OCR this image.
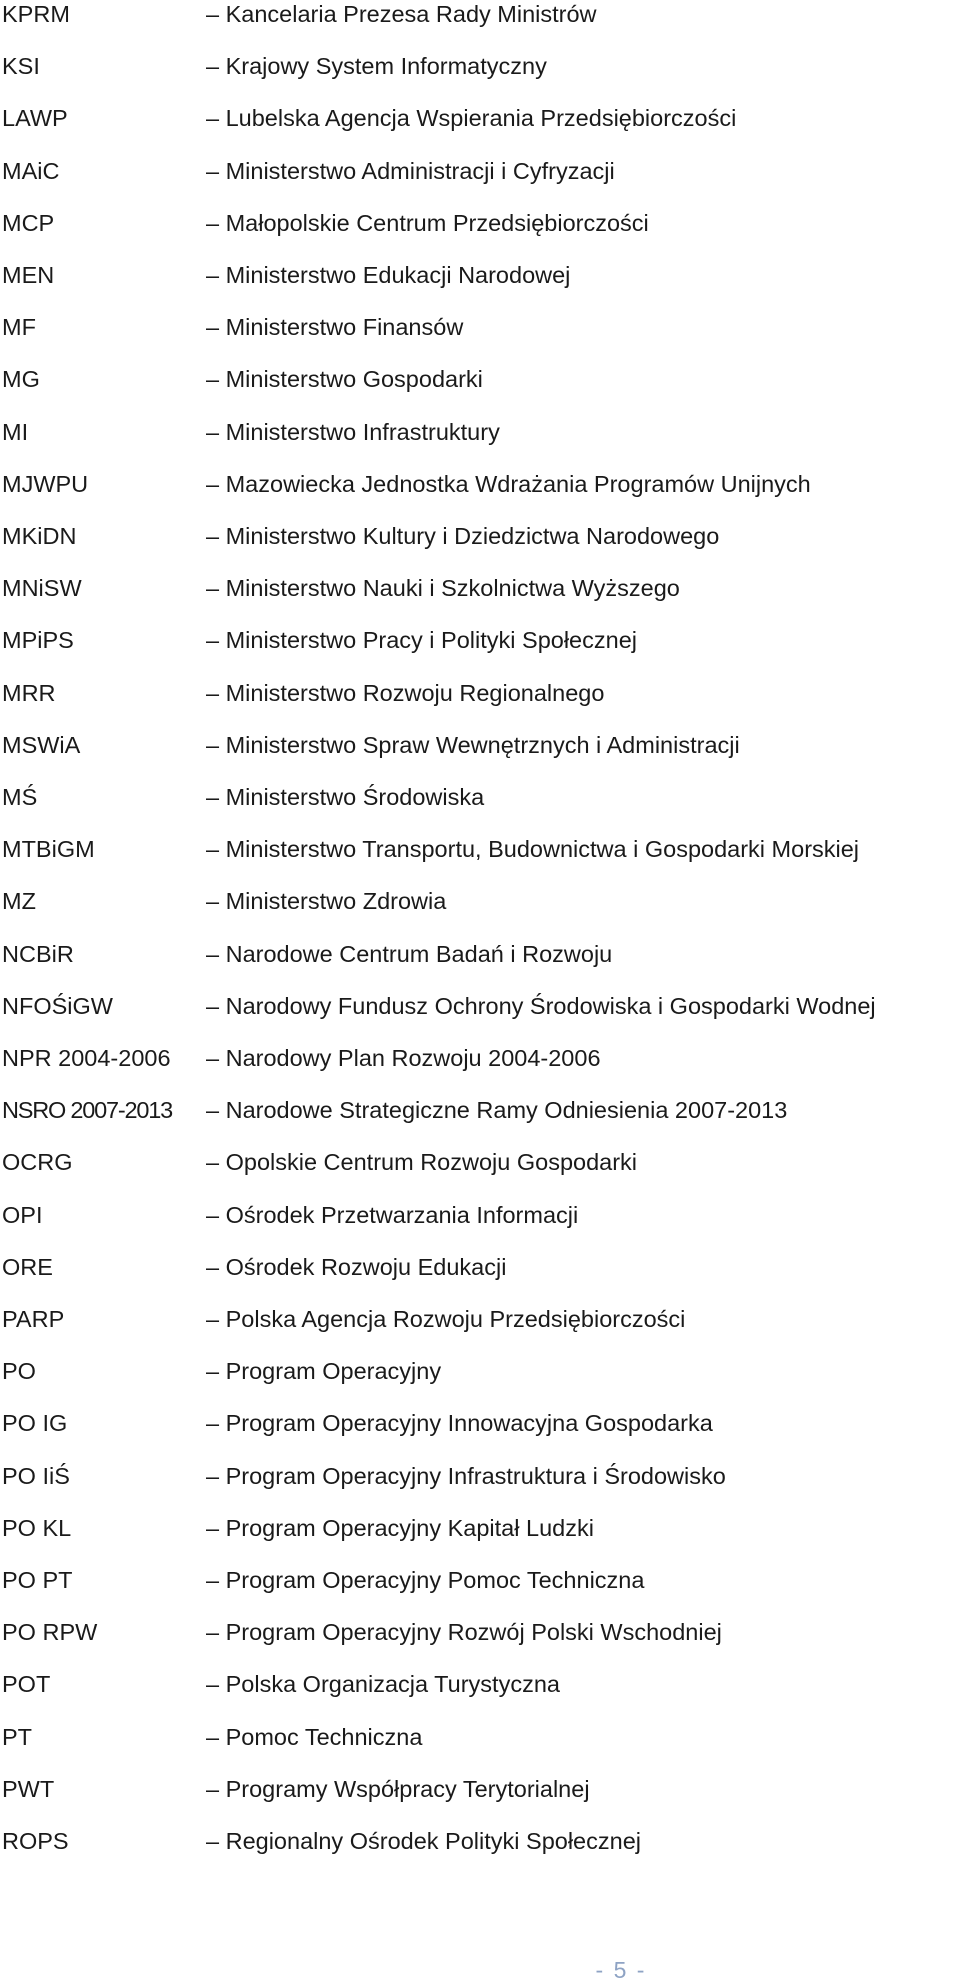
KPRM	– Kancelaria Prezesa Rady Ministrów
KSI	– Krajowy System Informatyczny
LAWP	– Lubelska Agencja Wspierania Przedsiębiorczości
MAiC	– Ministerstwo Administracji i Cyfryzacji
MCP	– Małopolskie Centrum Przedsiębiorczości
MEN	– Ministerstwo Edukacji Narodowej
MF	– Ministerstwo Finansów
MG	– Ministerstwo Gospodarki
MI	– Ministerstwo Infrastruktury
MJWPU	– Mazowiecka Jednostka Wdrażania Programów Unijnych
MKiDN	– Ministerstwo Kultury i Dziedzictwa Narodowego
MNiSW	– Ministerstwo Nauki i Szkolnictwa Wyższego
MPiPS	– Ministerstwo Pracy i Polityki Społecznej
MRR	– Ministerstwo Rozwoju Regionalnego
MSWiA	– Ministerstwo Spraw Wewnętrznych i Administracji
MŚ	– Ministerstwo Środowiska
MTBiGM	– Ministerstwo Transportu, Budownictwa i Gospodarki Morskiej
MZ	– Ministerstwo Zdrowia
NCBiR	– Narodowe Centrum Badań i Rozwoju
NFOŚiGW	– Narodowy Fundusz Ochrony Środowiska i Gospodarki Wodnej
NPR 2004-2006 – Narodowy Plan Rozwoju 2004-2006
NSRO 2007-2013 – Narodowe Strategiczne Ramy Odniesienia 2007-2013
OCRG	– Opolskie Centrum Rozwoju Gospodarki
OPI	– Ośrodek Przetwarzania Informacji
ORE	– Ośrodek Rozwoju Edukacji
PARP	– Polska Agencja Rozwoju Przedsiębiorczości
PO	– Program Operacyjny
PO IG	– Program Operacyjny Innowacyjna Gospodarka
PO IiŚ	– Program Operacyjny Infrastruktura i Środowisko
PO KL	– Program Operacyjny Kapitał Ludzki
PO PT	– Program Operacyjny Pomoc Techniczna
PO RPW	– Program Operacyjny Rozwój Polski Wschodniej
POT	– Polska Organizacja Turystyczna
PT	– Pomoc Techniczna
PWT	– Programy Współpracy Terytorialnej
ROPS	– Regionalny Ośrodek Polityki Społecznej
- 5 -
